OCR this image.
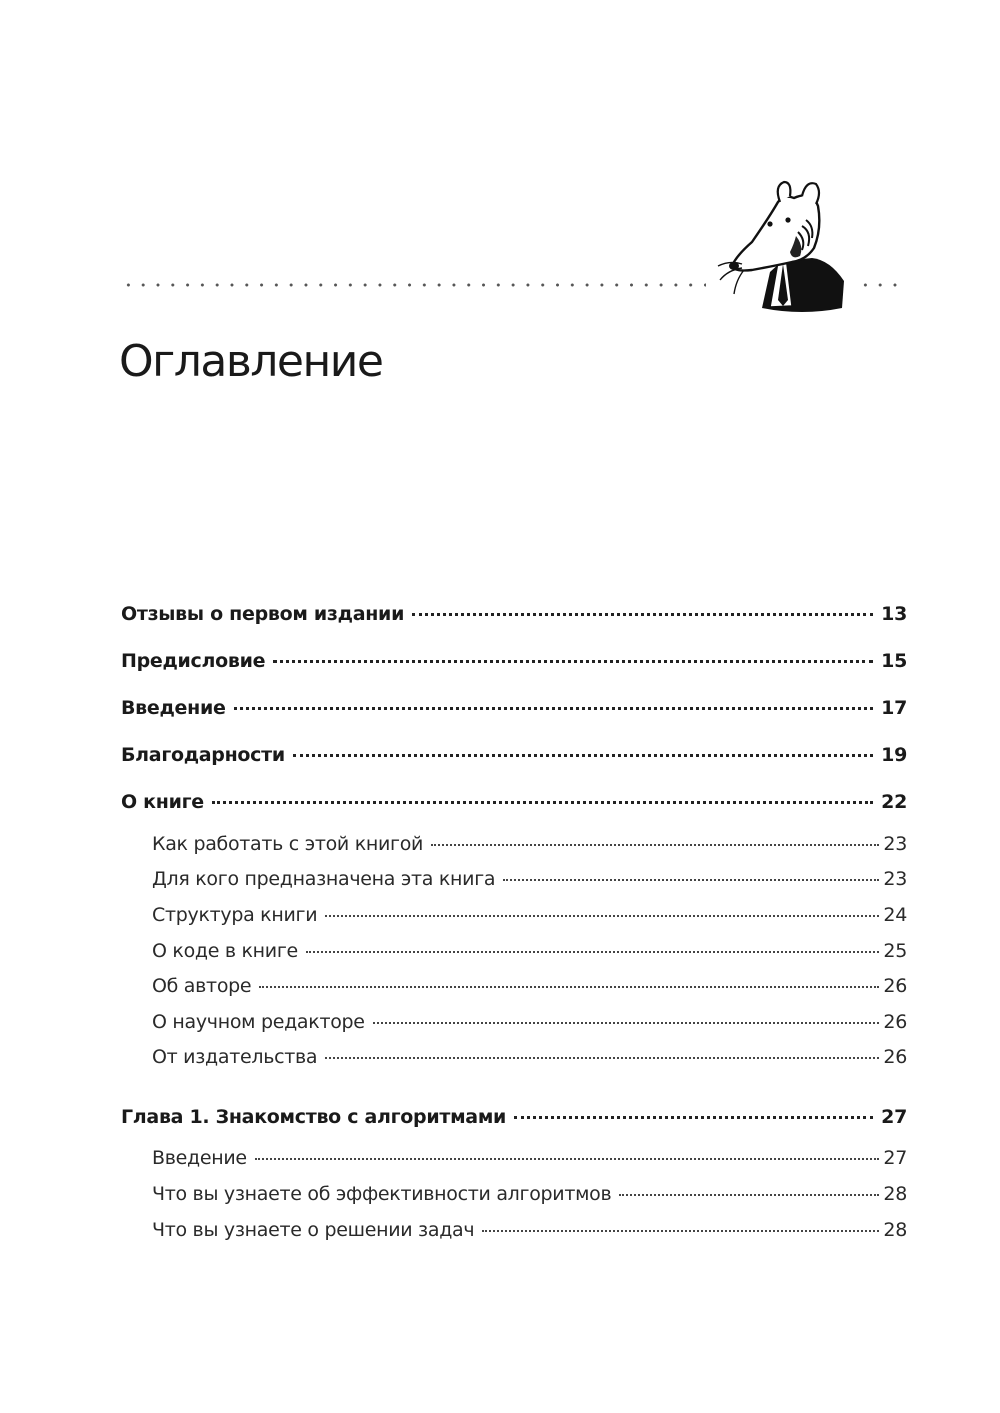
Оглавление
Отзывы о первом издании	13
Предисловие	15
Введение	17
Благодарности	19
О книге	22
Как работать с этой книгой	23
Для кого предназначена эта книга	23
Структура книги	24
О коде в книге	25
Об авторе	26
О научном редакторе	26
От издательства	26
Глава 1. Знакомство с алгоритмами	27
Введение	27
Что вы узнаете об эффективности алгоритмов	28
Что вы узнаете о решении задач	28
